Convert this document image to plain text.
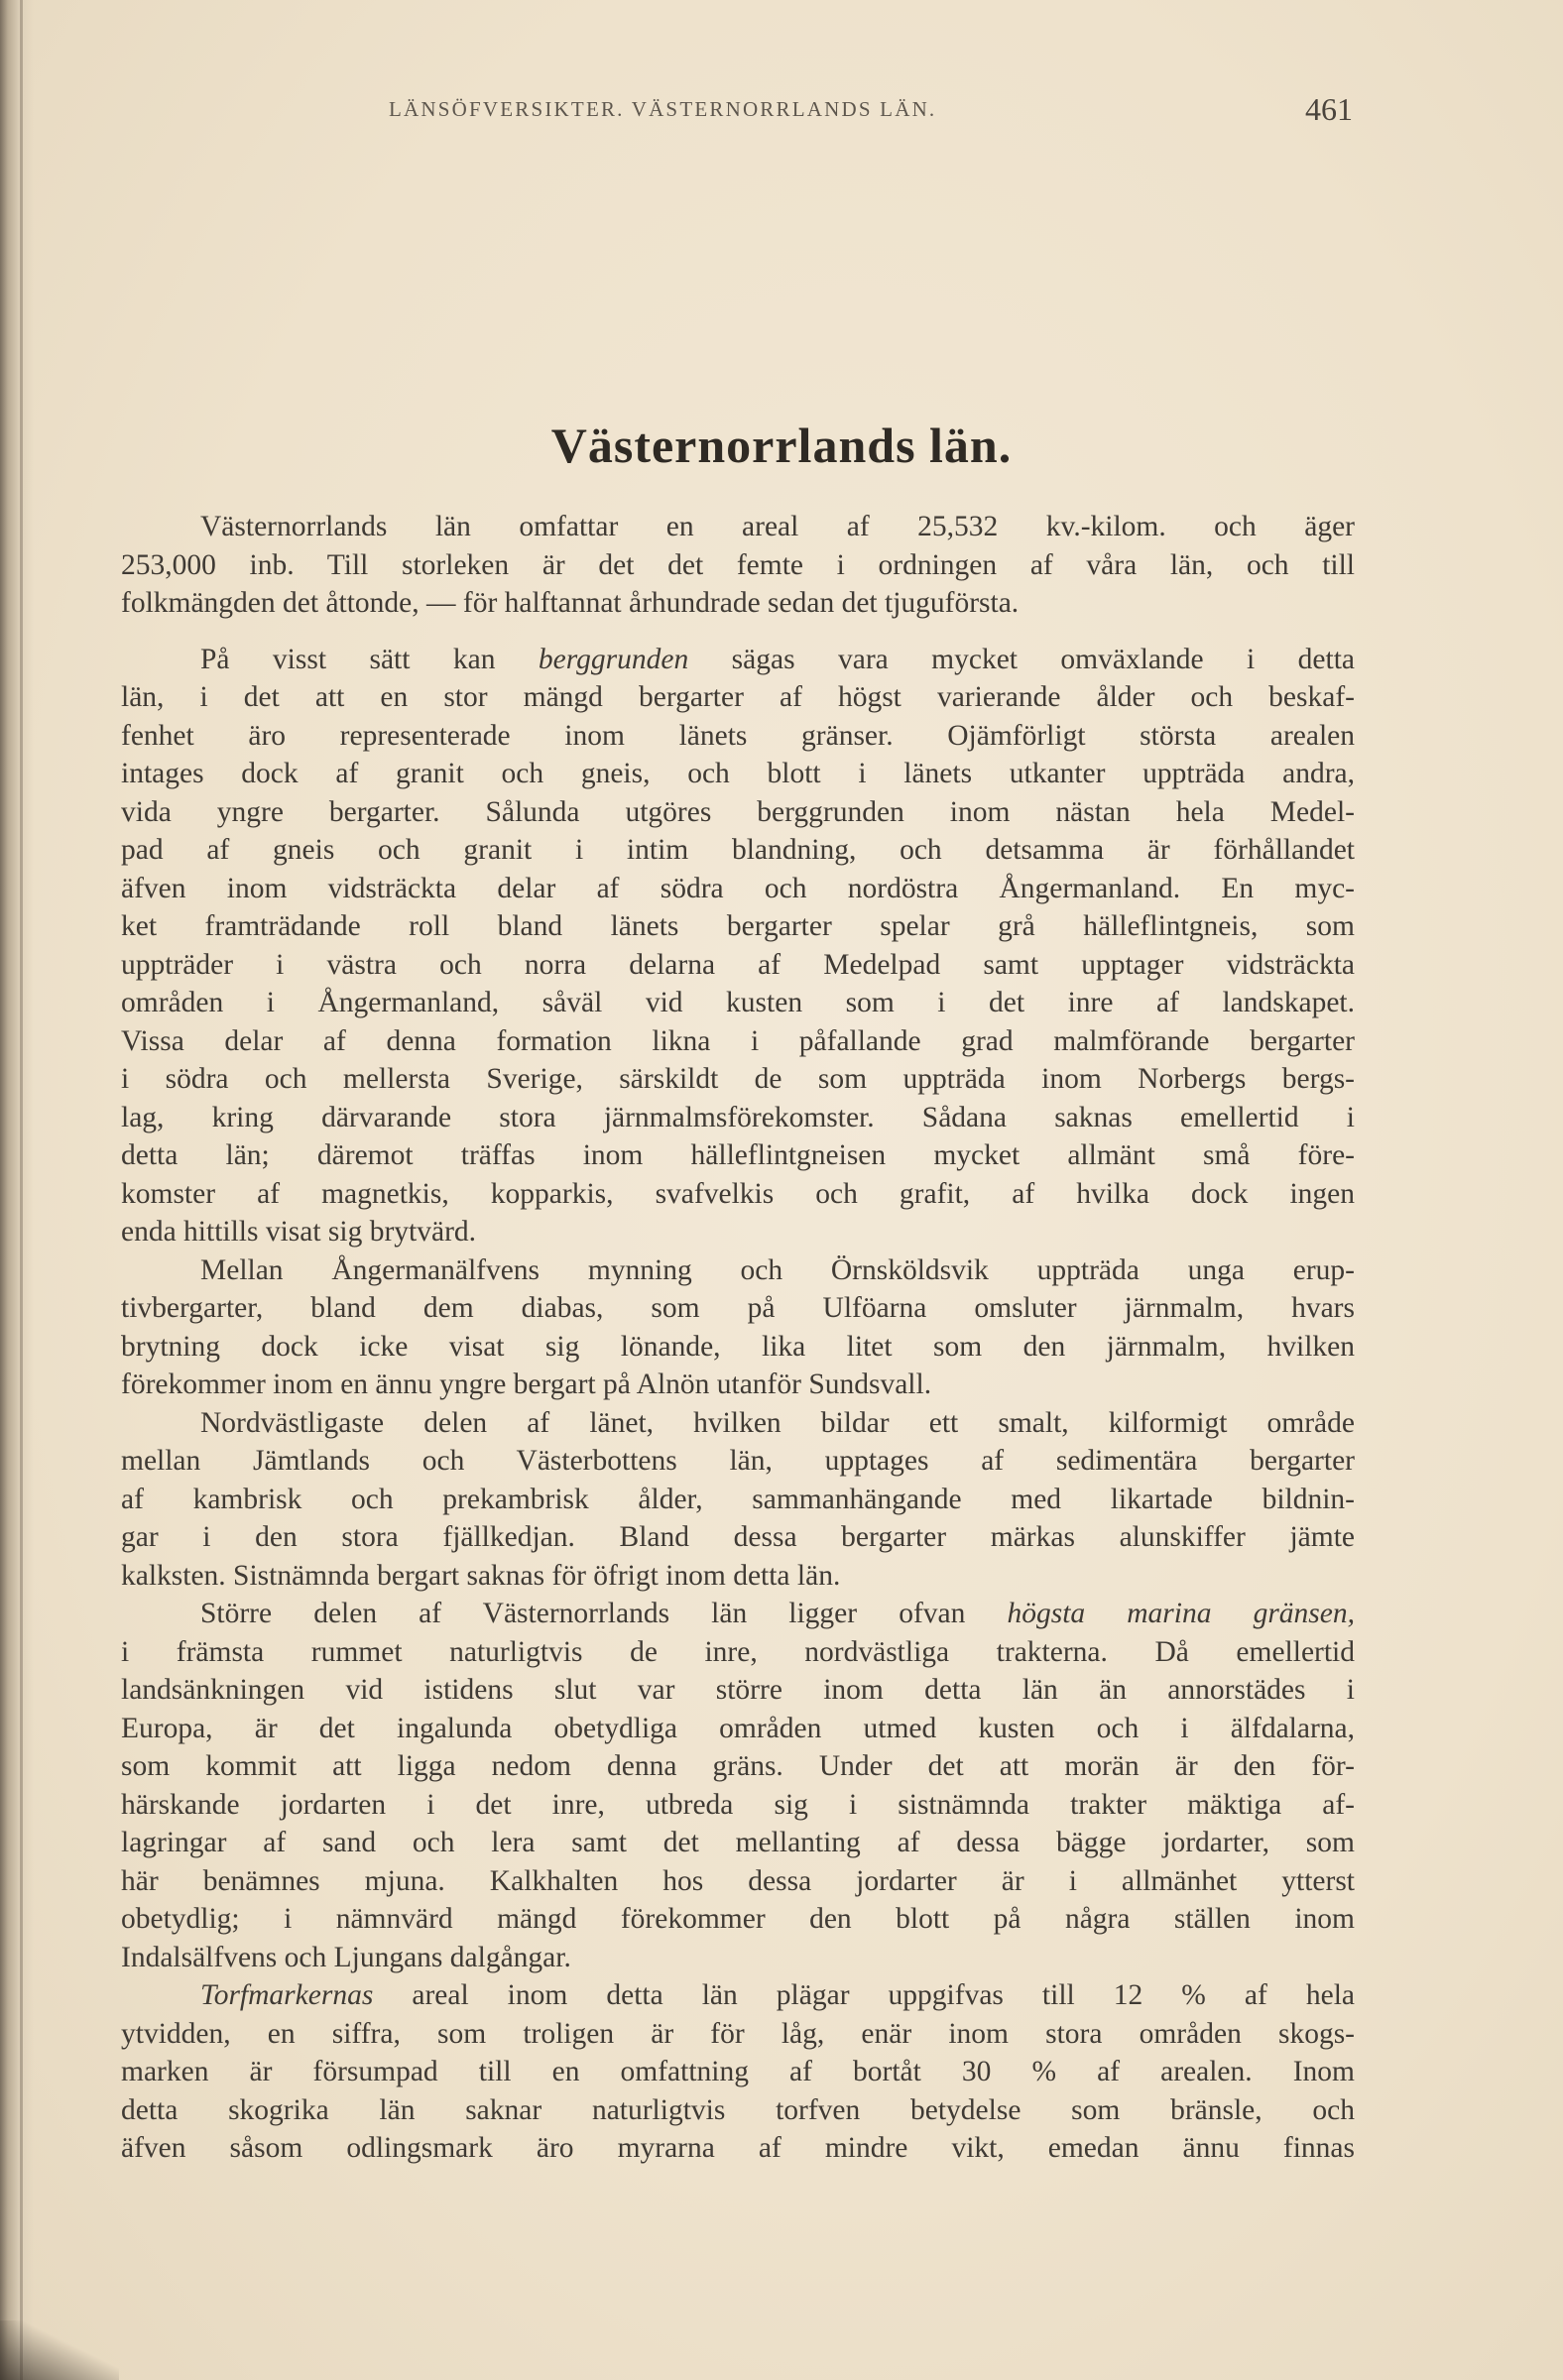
LÄNSÖFVERSIKTER. VÄSTERNORRLANDS LÄN.	461
Västernorrlands län.
Västernorrlands län omfattar en areal af 25,532 kv.-kilom. och äger
253,000 inb. Till storleken är det det femte i ordningen af våra län, och till
folkmängden det åttonde, — för halftannat århundrade sedan det tjuguförsta.
På visst sätt kan berggrunden sägas vara mycket omväxlande i detta
län, i det att en stor mängd bergarter af högst varierande ålder och beskaf-
fenhet äro representerade inom länets gränser. Ojämförligt största arealen
intages dock af granit och gneis, och blott i länets utkanter uppträda andra,
vida yngre bergarter. Sålunda utgöres berggrunden inom nästan hela Medel-
pad af gneis och granit i intim blandning, och detsamma är förhållandet
äfven inom vidsträckta delar af södra och nordöstra Ångermanland. En myc-
ket framträdande roll bland länets bergarter spelar grå hälleflintgneis, som
uppträder i västra och norra delarna af Medelpad samt upptager vidsträckta
områden i Ångermanland, såväl vid kusten som i det inre af landskapet.
Vissa delar af denna formation likna i påfallande grad malmförande bergarter
i södra och mellersta Sverige, särskildt de som uppträda inom Norbergs bergs-
lag, kring därvarande stora järnmalmsförekomster. Sådana saknas emellertid i
detta län; däremot träffas inom hälleflintgneisen mycket allmänt små före-
komster af magnetkis, kopparkis, svafvelkis och grafit, af hvilka dock ingen
enda hittills visat sig brytvärd.
Mellan Ångermanälfvens mynning och Örnsköldsvik uppträda unga erup-
tivbergarter, bland dem diabas, som på Ulföarna omsluter järnmalm, hvars
brytning dock icke visat sig lönande, lika litet som den järnmalm, hvilken
förekommer inom en ännu yngre bergart på Alnön utanför Sundsvall.
Nordvästligaste delen af länet, hvilken bildar ett smalt, kilformigt område
mellan Jämtlands och Västerbottens län, upptages af sedimentära bergarter
af kambrisk och prekambrisk ålder, sammanhängande med likartade bildnin-
gar i den stora fjällkedjan. Bland dessa bergarter märkas alunskiffer jämte
kalksten. Sistnämnda bergart saknas för öfrigt inom detta län.
Större delen af Västernorrlands län ligger ofvan högsta marina gränsen,
i främsta rummet naturligtvis de inre, nordvästliga trakterna. Då emellertid
landsänkningen vid istidens slut var större inom detta län än annorstädes i
Europa, är det ingalunda obetydliga områden utmed kusten och i älfdalarna,
som kommit att ligga nedom denna gräns. Under det att morän är den för-
härskande jordarten i det inre, utbreda sig i sistnämnda trakter mäktiga af-
lagringar af sand och lera samt det mellanting af dessa bägge jordarter, som
här benämnes mjuna. Kalkhalten hos dessa jordarter är i allmänhet ytterst
obetydlig; i nämnvärd mängd förekommer den blott på några ställen inom
Indalsälfvens och Ljungans dalgångar.
Torfmarkernas areal inom detta län plägar uppgifvas till 12 % af hela
ytvidden, en siffra, som troligen är för låg, enär inom stora områden skogs-
marken är försumpad till en omfattning af bortåt 30 % af arealen. Inom
detta skogrika län saknar naturligtvis torfven betydelse som bränsle, och
äfven såsom odlingsmark äro myrarna af mindre vikt, emedan ännu finnas
